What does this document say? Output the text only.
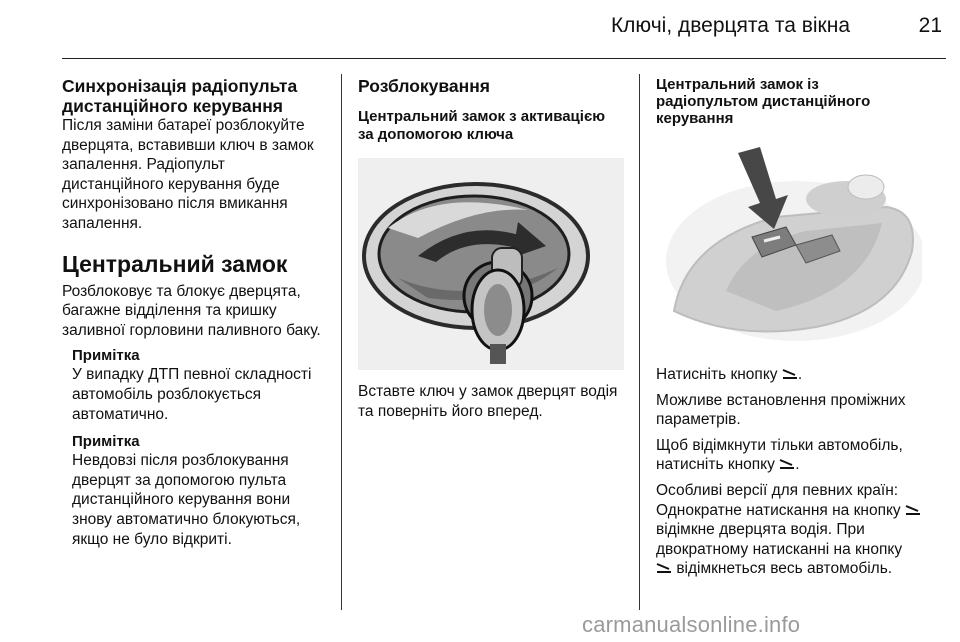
Ключі, дверцята та вікна	21

Синхронізація радіопульта дистанційного керування

Після заміни батареї розблокуйте дверцята, вставивши ключ в замок запалення. Радіопульт дистанційного керування буде синхронізовано після вмикання запалення.

Центральний замок

Розблоковує та блокує дверцята, багажне відділення та кришку заливної горловини паливного баку.

Примітка

У випадку ДТП певної складності автомобіль розблокується автоматично.

Примітка

Невдовзі після розблокування дверцят за допомогою пульта дистанційного керування вони знову автоматично блокуються, якщо не було відкриті.

Розблокування

Центральний замок з активацією за допомогою ключа

Вставте ключ у замок дверцят водія та поверніть його вперед.

Центральний замок із радіопультом дистанційного керування

Натисніть кнопку .

Можливе встановлення проміжних параметрів.

Щоб відімкнути тільки автомобіль, натисніть кнопку .

Особливі версії для певних країн: Однократне натискання на кнопку  відімкне дверцята водія. При двократному натисканні на кнопку  відімкнеться весь автомобіль.

carmanualsonline.info
